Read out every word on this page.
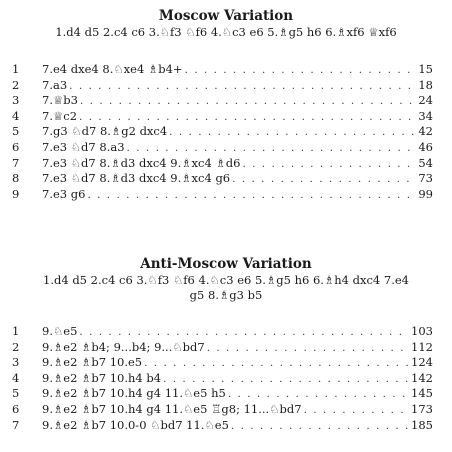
Moscow Variation

1.d4 d5 2.c4 c6 3.♘f3 ♘f6 4.♘c3 e6 5.♗g5 h6 6.♗xf6 ♕xf6

1	7.e4 dxe4 8.♘xe4 ♗b4+ . . .	15
2	7.a3 . . .	18
3	7.♕b3 . . .	24
4	7.♕c2 . . .	34
5	7.g3 ♘d7 8.♗g2 dxc4 . . .	42
6	7.e3 ♘d7 8.a3 . . .	46
7	7.e3 ♘d7 8.♗d3 dxc4 9.♗xc4 ♗d6 . . .	54
8	7.e3 ♘d7 8.♗d3 dxc4 9.♗xc4 g6 . . .	73
9	7.e3 g6 . . .	99
Anti-Moscow Variation

1.d4 d5 2.c4 c6 3.♘f3 ♘f6 4.♘c3 e6 5.♗g5 h6 6.♗h4 dxc4 7.e4 g5 8.♗g3 b5

1	9.♘e5 . . .	103
2	9.♗e2 ♗b4; 9...b4; 9...♘bd7 . . .	112
3	9.♗e2 ♗b7 10.e5 . . .	124
4	9.♗e2 ♗b7 10.h4 b4 . . .	142
5	9.♗e2 ♗b7 10.h4 g4 11.♘e5 h5 . . .	145
6	9.♗e2 ♗b7 10.h4 g4 11.♘e5 ♖g8; 11...♘bd7 . . .	173
7	9.♗e2 ♗b7 10.0-0 ♘bd7 11.♘e5 . . .	185
